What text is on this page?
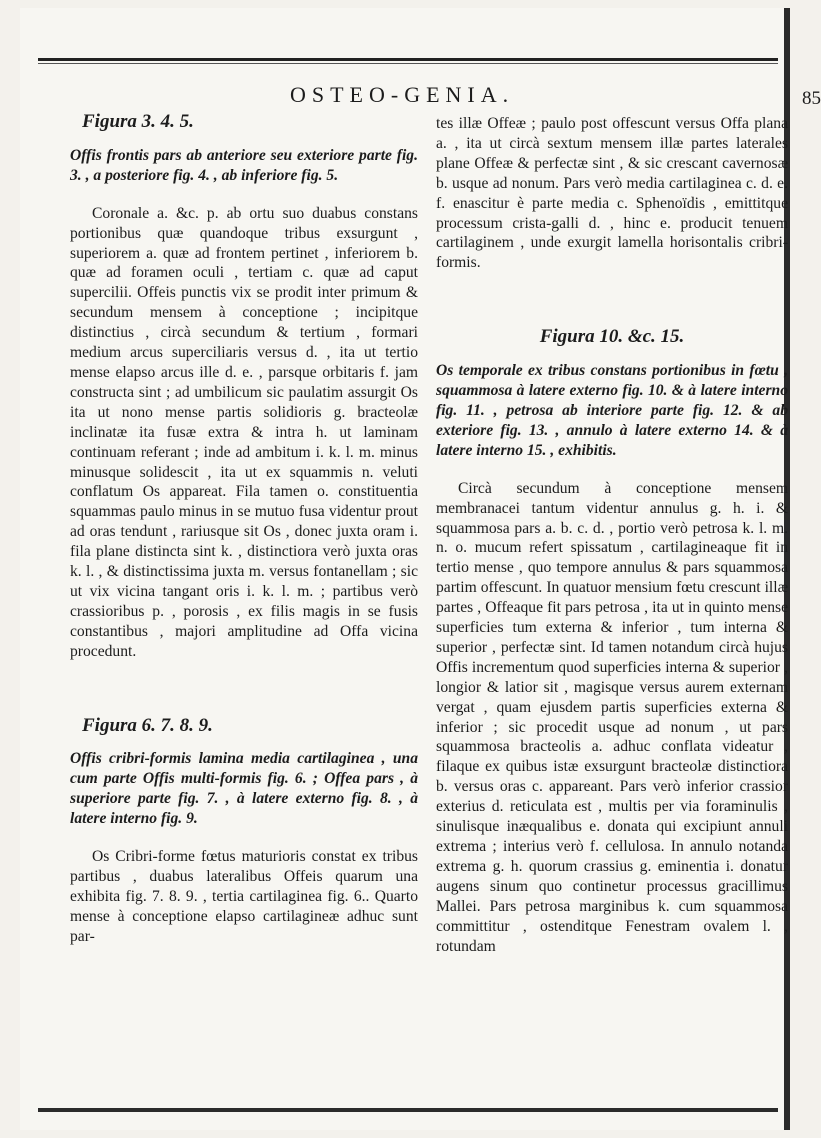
OSTEO-GENIA.	85
Figura 3. 4. 5.
Offis frontis pars ab anteriore seu exteriore parte fig. 3. , a posteriore fig. 4. , ab inferiore fig. 5.

Coronale a. &c. p. ab ortu suo duabus constans portionibus quæ quandoque tribus exsurgunt , superiorem a. quæ ad frontem pertinet , inferiorem b. quæ ad foramen oculi , tertiam c. quæ ad caput supercilii. Offeis punctis vix se prodit inter primum & secundum mensem à conceptione ; incipitque distinctius , circà secundum & tertium , formari medium arcus superciliaris versus d. , ita ut tertio mense elapso arcus ille d. e. , parsque orbitaris f. jam constructa sint ; ad umbilicum sic paulatim assurgit Os ita ut nono mense partis solidioris g. bracteolæ inclinatæ ita fusæ extra & intra h. ut laminam continuam referant ; inde ad ambitum i. k. l. m. minus minusque solidescit , ita ut ex squammis n. veluti conflatum Os appareat. Fila tamen o. constituentia squammas paulo minus in se mutuo fusa videntur prout ad oras tendunt , rariusque sit Os , donec juxta oram i. fila plane distincta sint k. , distinctiora verò juxta oras k. l. , & distinctissima juxta m. versus fontanellam ; sic ut vix vicina tangant oris i. k. l. m. ; partibus verò crassioribus p. , porosis , ex filis magis in se fusis constantibus , majori amplitudine ad Offa vicina procedunt.

Figura 6. 7. 8. 9.
Offis cribri-formis lamina media cartilaginea , una cum parte Offis multi-formis fig. 6. ; Offea pars , à superiore parte fig. 7. , à latere externo fig. 8. , à latere interno fig. 9.

Os Cribri-forme fœtus maturioris constat ex tribus partibus , duabus lateralibus Offeis quarum una exhibita fig. 7. 8. 9. , tertia cartilaginea fig. 6.. Quarto mense à conceptione elapso cartilagineæ adhuc sunt par-

tes illæ Offeæ ; paulo post offescunt versus Offa plana a. , ita ut circà sextum mensem illæ partes laterales plane Offeæ & perfectæ sint , & sic crescant cavernosæ b. usque ad nonum. Pars verò media cartilaginea c. d. e. f. enascitur è parte media c. Sphenoïdis , emittitque processum crista-galli d. , hinc e. producit tenuem cartilaginem , unde exurgit lamella horisontalis cribri-formis.

Figura 10. &c. 15.
Os temporale ex tribus constans portionibus in fœtu , squammosa à latere externo fig. 10. & à latere interno fig. 11. , petrosa ab interiore parte fig. 12. & ab exteriore fig. 13. , annulo à latere externo 14. & à latere interno 15. , exhibitis.

Circà secundum à conceptione mensem membranacei tantum videntur annulus g. h. i. & squammosa pars a. b. c. d. , portio verò petrosa k. l. m. n. o. mucum refert spissatum , cartilagineaque fit in tertio mense , quo tempore annulus & pars squammosa partim offescunt. In quatuor mensium fœtu crescunt illæ partes , Offeaque fit pars petrosa , ita ut in quinto mense superficies tum externa & inferior , tum interna & superior , perfectæ sint. Id tamen notandum circà hujus Offis incrementum quod superficies interna & superior , longior & latior sit , magisque versus aurem externam vergat , quam ejusdem partis superficies externa & inferior ; sic procedit usque ad nonum , ut pars squammosa bracteolis a. adhuc conflata videatur , filaque ex quibus istæ exsurgunt bracteolæ distinctiora b. versus oras c. appareant. Pars verò inferior crassior exterius d. reticulata est , multis per via foraminulis , sinulisque inæqualibus e. donata qui excipiunt annuli extrema ; interius verò f. cellulosa. In annulo notanda extrema g. h. quorum crassius g. eminentia i. donatur augens sinum quo continetur processus gracillimus Mallei. Pars petrosa marginibus k. cum squammosa committitur , ostenditque Fenestram ovalem l. , rotundam
